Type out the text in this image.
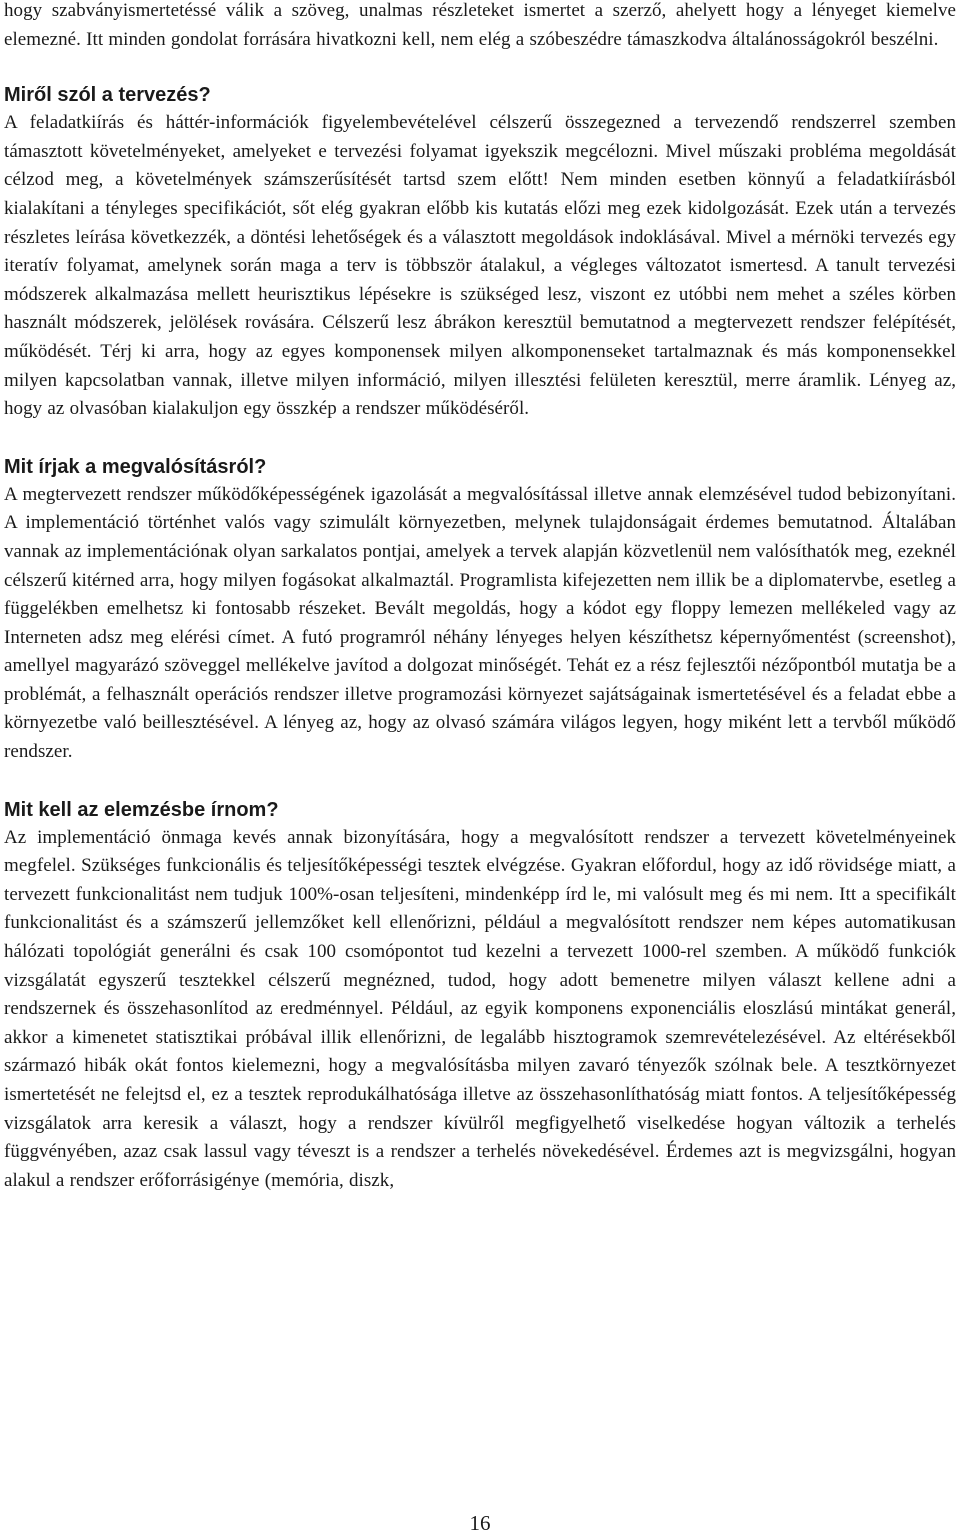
hogy szabványismertetéssé válik a szöveg, unalmas részleteket ismertet a szerző, ahelyett hogy a lényeget kiemelve elemezné. Itt minden gondolat forrására hivatkozni kell, nem elég a szóbeszédre támaszkodva általánosságokról beszélni.

Miről szól a tervezés?

A feladatkiírás és háttér-információk figyelembevételével célszerű összegezned a tervezendő rendszerrel szemben támasztott követelményeket, amelyeket e tervezési folyamat igyekszik megcélozni. Mivel műszaki probléma megoldását célzod meg, a követelmények számszerűsítését tartsd szem előtt! Nem minden esetben könnyű a feladatkiírásból kialakítani a tényleges specifikációt, sőt elég gyakran előbb kis kutatás előzi meg ezek kidolgozását. Ezek után a tervezés részletes leírása következzék, a döntési lehetőségek és a választott megoldások indoklásával. Mivel a mérnöki tervezés egy iteratív folyamat, amelynek során maga a terv is többször átalakul, a végleges változatot ismertesd. A tanult tervezési módszerek alkalmazása mellett heurisztikus lépésekre is szükséged lesz, viszont ez utóbbi nem mehet a széles körben használt módszerek, jelölések rovására. Célszerű lesz ábrákon keresztül bemutatnod a megtervezett rendszer felépítését, működését. Térj ki arra, hogy az egyes komponensek milyen alkomponenseket tartalmaznak és más komponensekkel milyen kapcsolatban vannak, illetve milyen információ, milyen illesztési felületen keresztül, merre áramlik. Lényeg az, hogy az olvasóban kialakuljon egy összkép a rendszer működéséről.

Mit írjak a megvalósításról?

A megtervezett rendszer működőképességének igazolását a megvalósítással illetve annak elemzésével tudod bebizonyítani. A implementáció történhet valós vagy szimulált környezetben, melynek tulajdonságait érdemes bemutatnod. Általában vannak az implementációnak olyan sarkalatos pontjai, amelyek a tervek alapján közvetlenül nem valósíthatók meg, ezeknél célszerű kitérned arra, hogy milyen fogásokat alkalmaztál. Programlista kifejezetten nem illik be a diplomatervbe, esetleg a függelékben emelhetsz ki fontosabb részeket. Bevált megoldás, hogy a kódot egy floppy lemezen mellékeled vagy az Interneten adsz meg elérési címet. A futó programról néhány lényeges helyen készíthetsz képernyőmentést (screenshot), amellyel magyarázó szöveggel mellékelve javítod a dolgozat minőségét. Tehát ez a rész fejlesztői nézőpontból mutatja be a problémát, a felhasznált operációs rendszer illetve programozási környezet sajátságainak ismertetésével és a feladat ebbe a környezetbe való beillesztésével. A lényeg az, hogy az olvasó számára világos legyen, hogy miként lett a tervből működő rendszer.

Mit kell az elemzésbe írnom?

Az implementáció önmaga kevés annak bizonyítására, hogy a megvalósított rendszer a tervezett követelményeinek megfelel. Szükséges funkcionális és teljesítőképességi tesztek elvégzése. Gyakran előfordul, hogy az idő rövidsége miatt, a tervezett funkcionalitást nem tudjuk 100%-osan teljesíteni, mindenképp írd le, mi valósult meg és mi nem. Itt a specifikált funkcionalitást és a számszerű jellemzőket kell ellenőrizni, például a megvalósított rendszer nem képes automatikusan hálózati topológiát generálni és csak 100 csomópontot tud kezelni a tervezett 1000-rel szemben. A működő funkciók vizsgálatát egyszerű tesztekkel célszerű megnézned, tudod, hogy adott bemenetre milyen választ kellene adni a rendszernek és összehasonlítod az eredménnyel. Például, az egyik komponens exponenciális eloszlású mintákat generál, akkor a kimenetet statisztikai próbával illik ellenőrizni, de legalább hisztogramok szemrevételezésével. Az eltérésekből származó hibák okát fontos kielemezni, hogy a megvalósításba milyen zavaró tényezők szólnak bele. A tesztkörnyezet ismertetését ne felejtsd el, ez a tesztek reprodukálhatósága illetve az összehasonlíthatóság miatt fontos. A teljesítőképesség vizsgálatok arra keresik a választ, hogy a rendszer kívülről megfigyelhető viselkedése hogyan változik a terhelés függvényében, azaz csak lassul vagy téveszt is a rendszer a terhelés növekedésével. Érdemes azt is megvizsgálni, hogyan alakul a rendszer erőforrásigénye (memória, diszk,

16
